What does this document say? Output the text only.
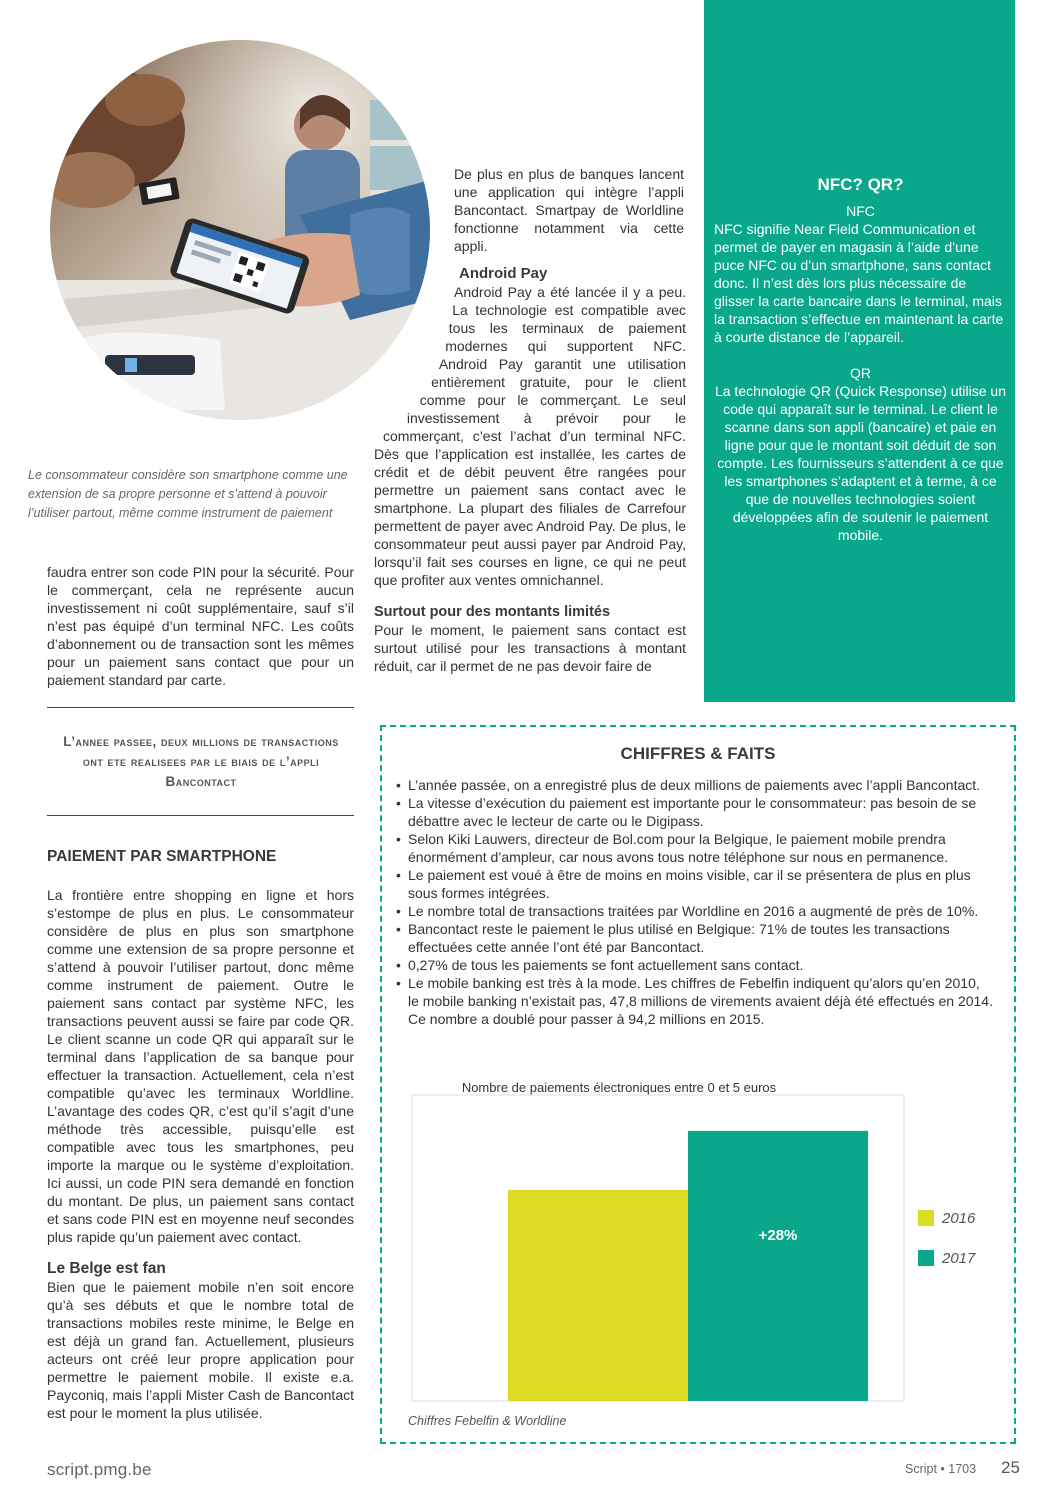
Le consommateur considère son smartphone comme une extension de sa propre personne et s’attend à pouvoir l’utiliser partout, même comme instrument de paiement
De plus en plus de banques lancent une application qui intègre l’appli Bancontact. Smartpay de Worldline fonctionne notamment via cette appli.
Android Pay
Android Pay a été lancée il y a peu. La technologie est compatible avec tous les terminaux de paiement modernes qui supportent NFC. Android Pay garantit une utilisation entièrement gratuite, pour le client comme pour le commerçant. Le seul investissement à prévoir pour le commerçant, c’est l’achat d’un terminal NFC. Dès que l’application est installée, les cartes de crédit et de débit peuvent être rangées pour permettre un paiement sans contact avec le smartphone. La plupart des filiales de Carrefour permettent de payer avec Android Pay. De plus, le consommateur peut aussi payer par Android Pay, lorsqu’il fait ses courses en ligne, ce qui ne peut que profiter aux ventes omnichannel.
Surtout pour des montants limités
Pour le moment, le paiement sans contact est surtout utilisé pour les transactions à montant réduit, car il permet de ne pas devoir faire de
faudra entrer son code PIN pour la sécurité. Pour le commerçant, cela ne représente aucun investissement ni coût supplémentaire, sauf s’il n’est pas équipé d’un terminal NFC. Les coûts d’abonnement ou de transaction sont les mêmes pour un paiement sans contact que pour un paiement standard par carte.
NFC? QR?
NFC
NFC signifie Near Field Communication et permet de payer en magasin à l’aide d’une puce NFC ou d’un smartphone, sans contact donc. Il n’est dès lors plus nécessaire de glisser la carte bancaire dans le terminal, mais la transaction s’effectue en maintenant la carte à courte distance de l’appareil.
QR
La technologie QR (Quick Response) utilise un code qui apparaît sur le terminal. Le client le scanne dans son appli (bancaire) et paie en ligne pour que le montant soit déduit de son compte. Les fournisseurs s’attendent à ce que les smartphones s’adaptent et à terme, à ce que de nouvelles technologies soient développées afin de soutenir le paiement mobile.
L’annee passee, deux millions de transactions ont ete realisees par le biais de l’appli Bancontact
PAIEMENT PAR SMARTPHONE
La frontière entre shopping en ligne et hors s’estompe de plus en plus. Le consommateur considère de plus en plus son smartphone comme une extension de sa propre personne et s’attend à pouvoir l’utiliser partout, donc même comme instrument de paiement. Outre le paiement sans contact par système NFC, les transactions peuvent aussi se faire par code QR. Le client scanne un code QR qui apparaît sur le terminal dans l’application de sa banque pour effectuer la transaction. Actuellement, cela n’est compatible qu’avec les terminaux Worldline. L’avantage des codes QR, c’est qu’il s’agit d’une méthode très accessible, puisqu’elle est compatible avec tous les smartphones, peu importe la marque ou le système d’exploitation. Ici aussi, un code PIN sera demandé en fonction du montant. De plus, un paiement sans contact et sans code PIN est en moyenne neuf secondes plus rapide qu’un paiement avec contact.
Le Belge est fan
Bien que le paiement mobile n’en soit encore qu’à ses débuts et que le nombre total de transactions mobiles reste minime, le Belge en est déjà un grand fan. Actuellement, plusieurs acteurs ont créé leur propre application pour permettre le paiement mobile. Il existe e.a. Payconiq, mais l’appli Mister Cash de Bancontact est pour le moment la plus utilisée.
CHIFFRES & FAITS
• L’année passée, on a enregistré plus de deux millions de paiements avec l’appli Bancontact.
• La vitesse d’exécution du paiement est importante pour le consommateur: pas besoin de se débattre avec le lecteur de carte ou le Digipass.
• Selon Kiki Lauwers, directeur de Bol.com pour la Belgique, le paiement mobile prendra énormément d’ampleur, car nous avons tous notre téléphone sur nous en permanence.
• Le paiement est voué à être de moins en moins visible, car il se présentera de plus en plus sous formes intégrées.
• Le nombre total de transactions traitées par Worldline en 2016 a augmenté de près de 10%.
• Bancontact reste le paiement le plus utilisé en Belgique: 71% de toutes les transactions effectuées cette année l’ont été par Bancontact.
• 0,27% de tous les paiements se font actuellement sans contact.
• Le mobile banking est très à la mode. Les chiffres de Febelfin indiquent qu’alors qu’en 2010, le mobile banking n’existait pas, 47,8 millions de virements avaient déjà été effectués en 2014. Ce nombre a doublé pour passer à 94,2 millions en 2015.
Nombre de paiements électroniques entre 0 et 5 euros
+28%
2016
2017
Chiffres Febelfin & Worldline
script.pmg.be	Script • 1703 25
